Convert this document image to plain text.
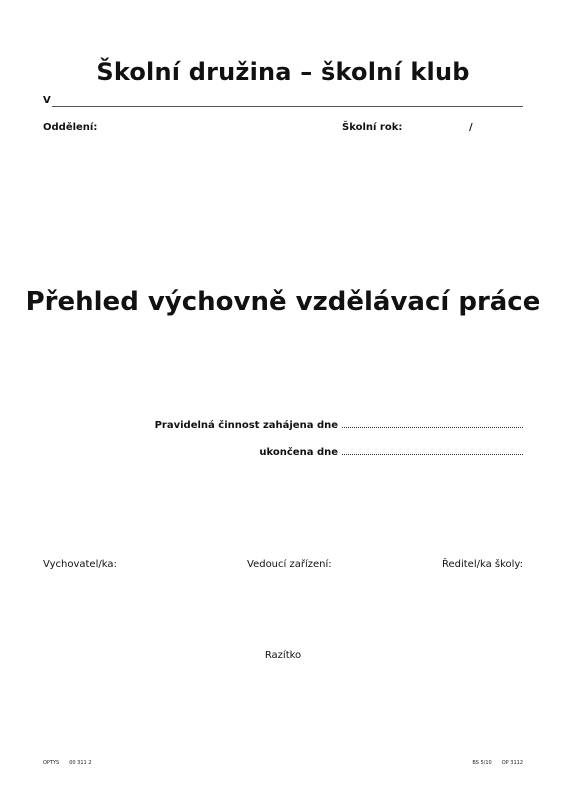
Školní družina – školní klub
V
Oddělení:	Školní rok:	/
Přehled výchovně vzdělávací práce
Pravidelná činnost zahájena dne
ukončena dne
Vychovatel/ka:	Vedoucí zařízení:	Ředitel/ka školy:
Razítko
OPTYS 00 311 2	BS 5/10 OP 3112
